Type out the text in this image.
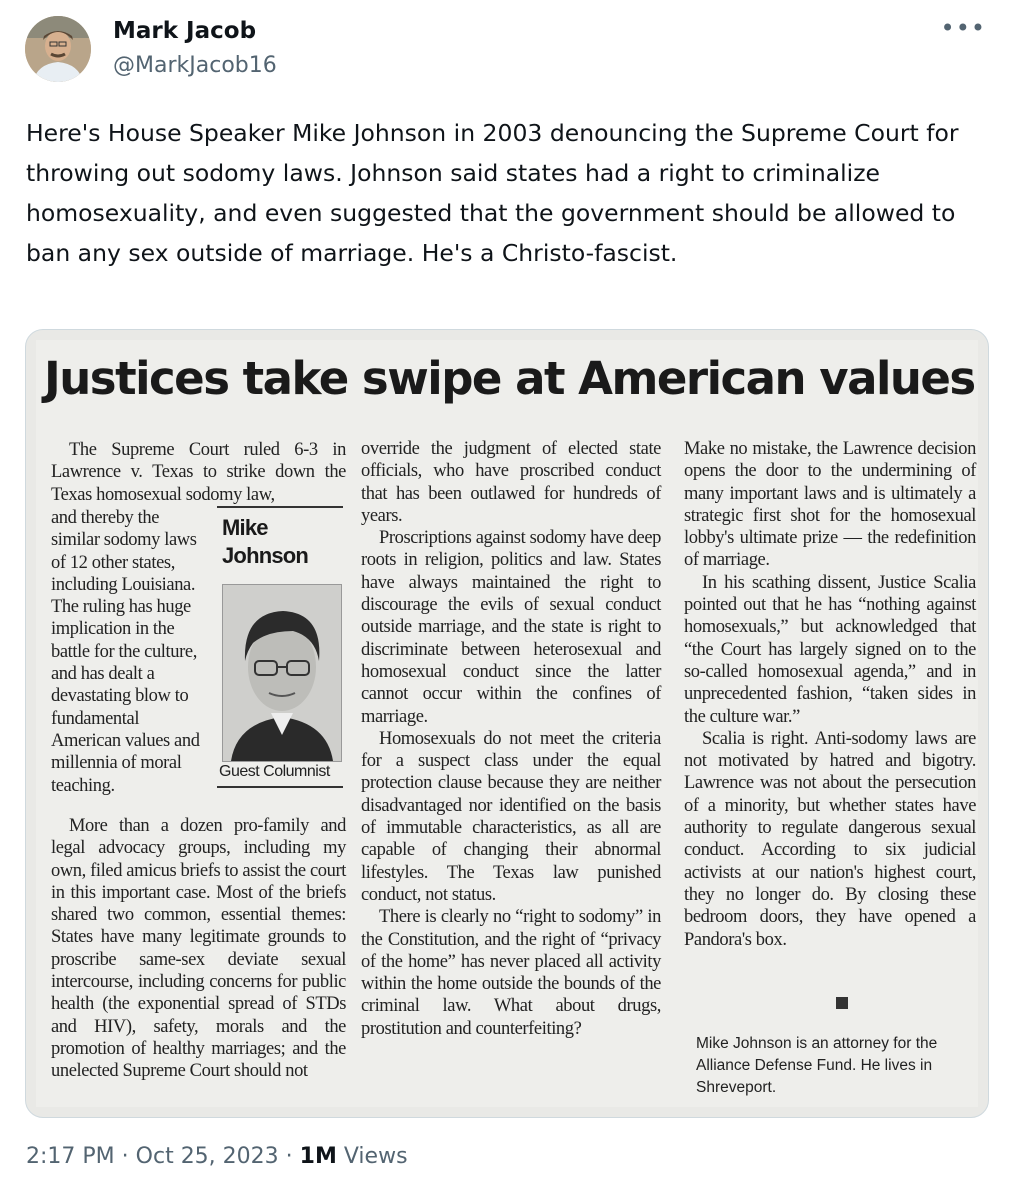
Mark Jacob
@MarkJacob16
•••
Here's House Speaker Mike Johnson in 2003 denouncing the Supreme Court for throwing out sodomy laws. Johnson said states had a right to criminalize homosexuality, and even suggested that the government should be allowed to ban any sex outside of marriage. He's a Christo-fascist.
Justices take swipe at American values

The Supreme Court ruled 6-3 in Lawrence v. Texas to strike down the Texas homosexual sodomy law,

and thereby the similar sodomy laws of 12 other states, including Louisiana. The ruling has huge implication in the battle for the culture, and has dealt a devastating blow to fundamental American values and millennia of moral teaching.

More than a dozen pro-family and legal advocacy groups, including my own, filed amicus briefs to assist the court in this important case. Most of the briefs shared two common, essential themes: States have many legitimate grounds to proscribe same-sex deviate sexual intercourse, including concerns for public health (the exponential spread of STDs and HIV), safety, morals and the promotion of healthy marriages; and the unelected Supreme Court should not

Mike
Johnson
Guest Columnist

override the judgment of elected state officials, who have proscribed conduct that has been outlawed for hundreds of years.

Proscriptions against sodomy have deep roots in religion, politics and law. States have always maintained the right to discourage the evils of sexual conduct outside marriage, and the state is right to discriminate between heterosexual and homosexual conduct since the latter cannot occur within the confines of marriage.

Homosexuals do not meet the criteria for a suspect class under the equal protection clause because they are neither disadvantaged nor identified on the basis of immutable characteristics, as all are capable of changing their abnormal lifestyles. The Texas law punished conduct, not status.

There is clearly no “right to sodomy” in the Constitution, and the right of “privacy of the home” has never placed all activity within the home outside the bounds of the criminal law. What about drugs, prostitution and counterfeiting?

Make no mistake, the Lawrence decision opens the door to the undermining of many important laws and is ultimately a strategic first shot for the homosexual lobby's ultimate prize — the redefinition of marriage.

In his scathing dissent, Justice Scalia pointed out that he has “nothing against homosexuals,” but acknowledged that “the Court has largely signed on to the so-called homosexual agenda,” and in unprecedented fashion, “taken sides in the culture war.”

Scalia is right. Anti-sodomy laws are not motivated by hatred and bigotry. Lawrence was not about the persecution of a minority, but whether states have authority to regulate dangerous sexual conduct. According to six judicial activists at our nation's highest court, they no longer do. By closing these bedroom doors, they have opened a Pandora's box.

Mike Johnson is an attorney for the Alliance Defense Fund. He lives in Shreveport.
2:17 PM · Oct 25, 2023 · 1M Views
